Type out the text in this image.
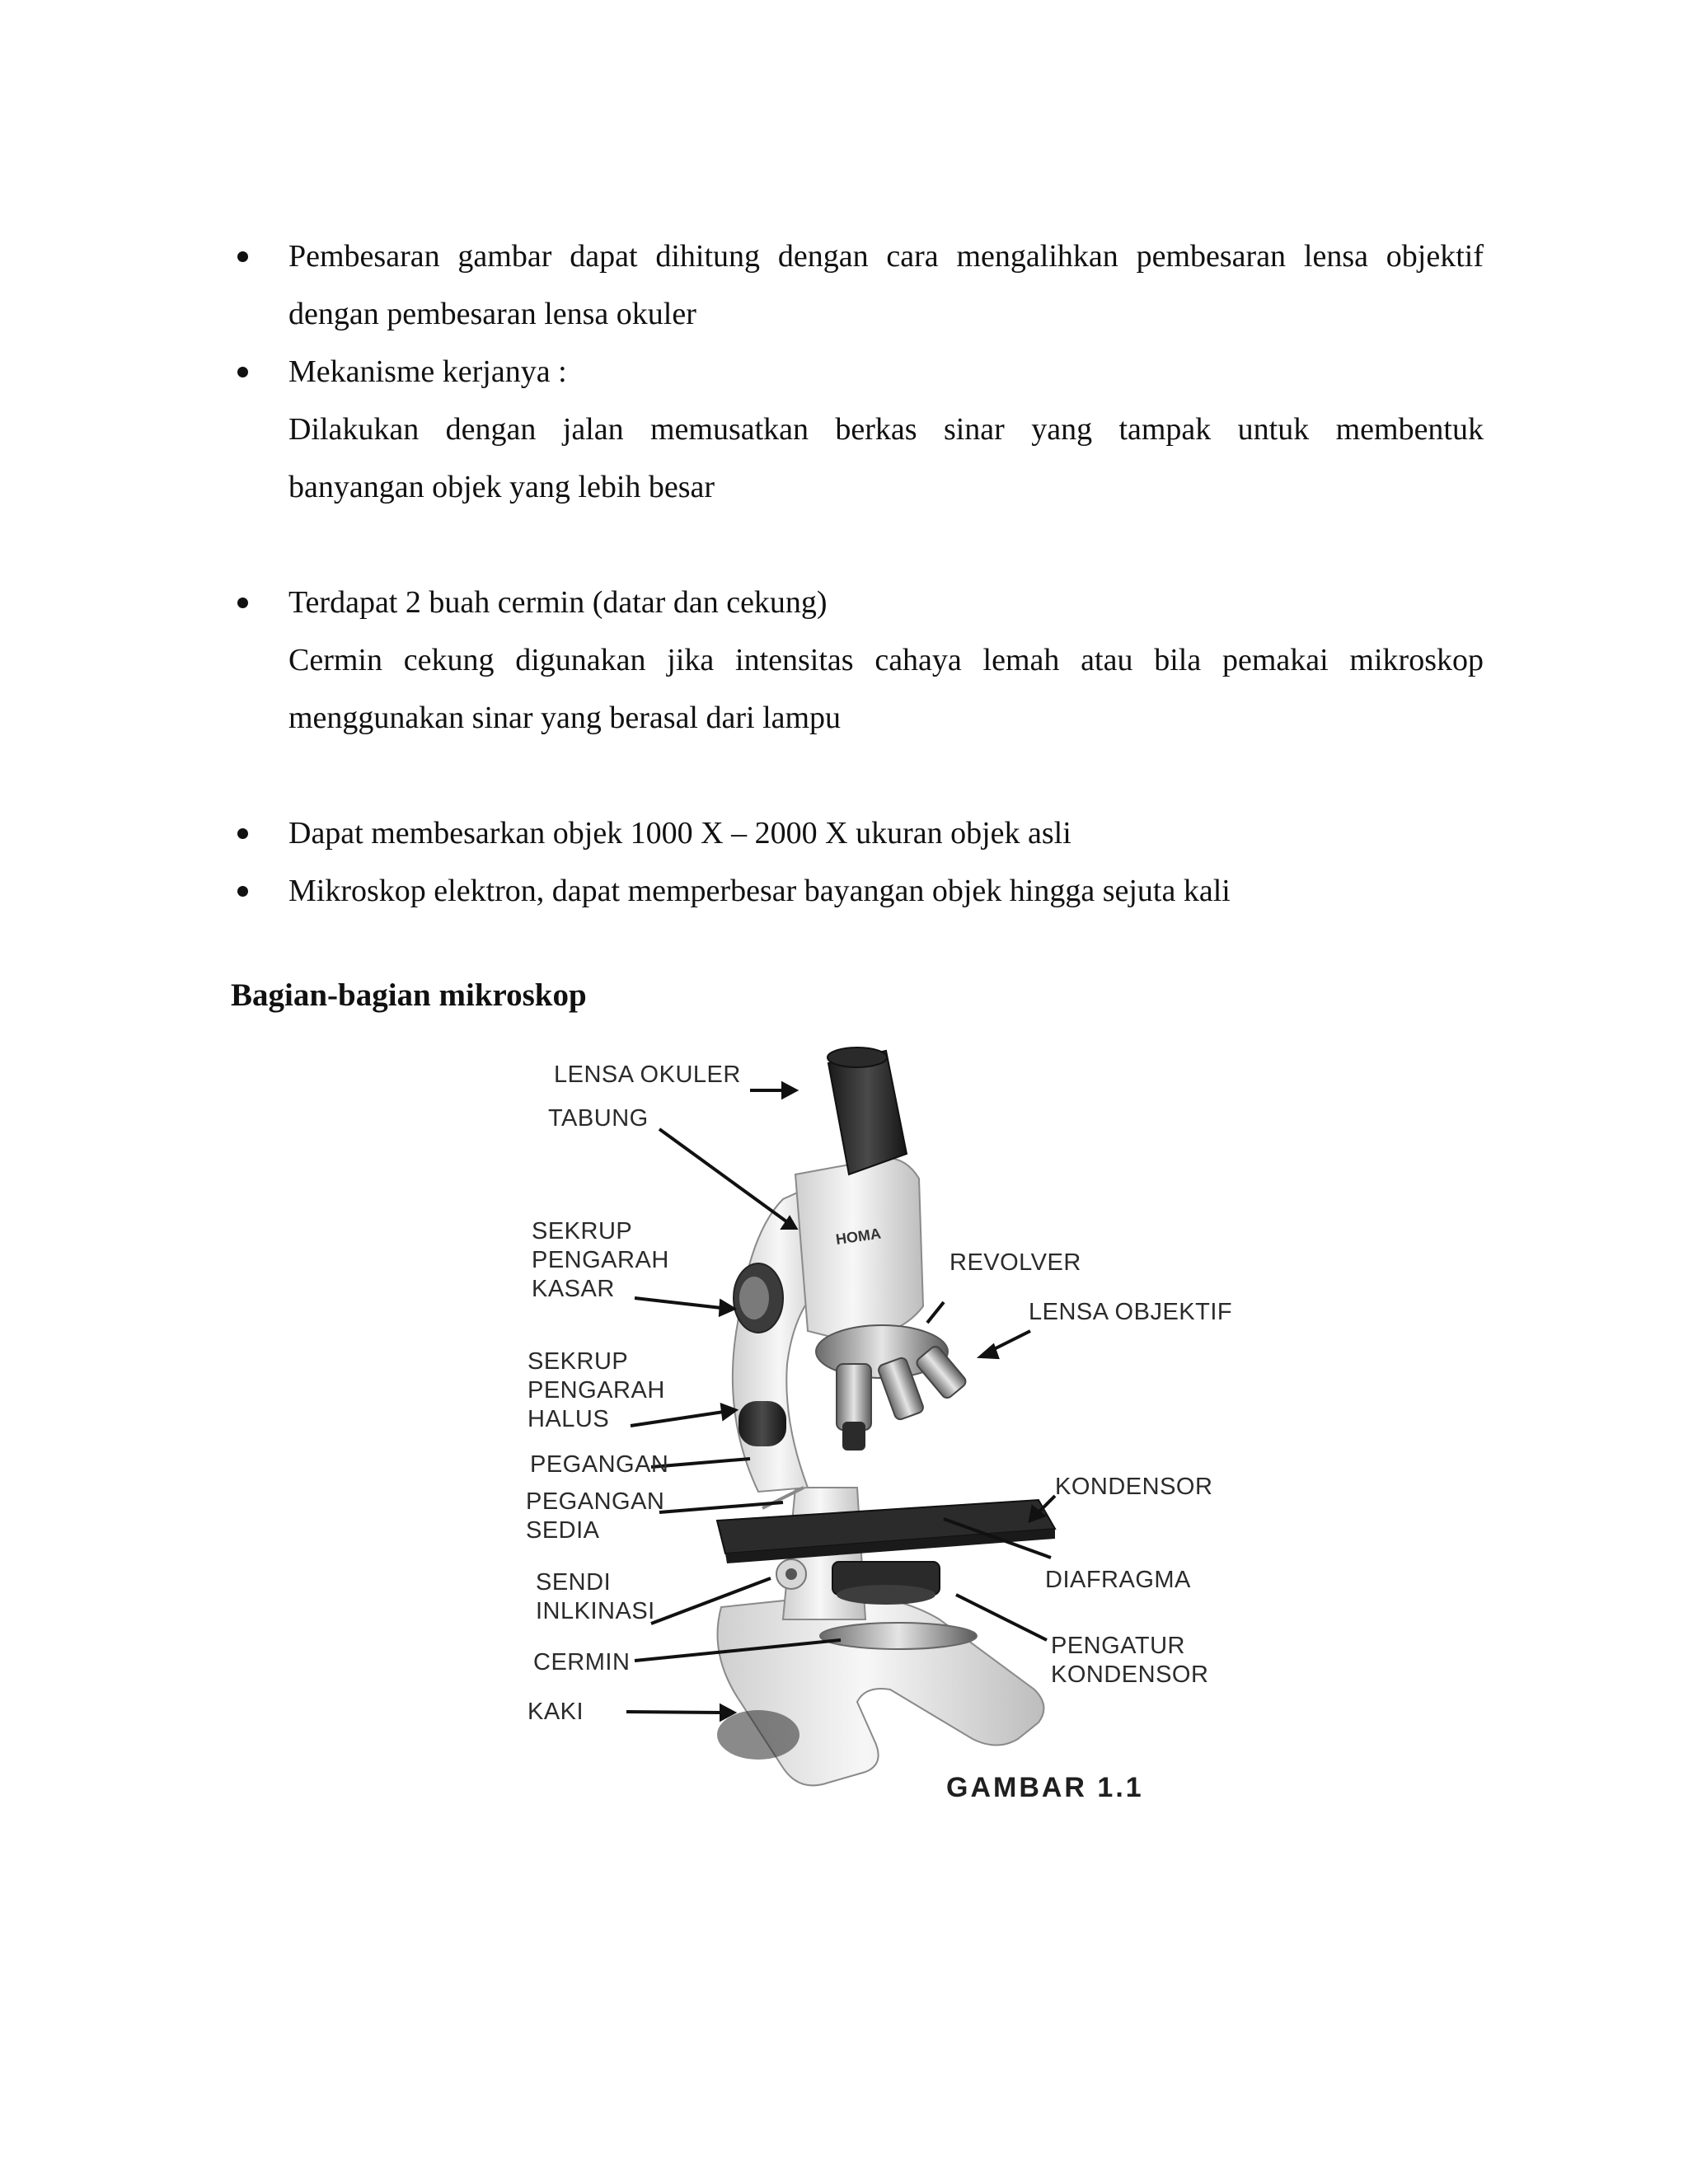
Pembesaran gambar dapat dihitung dengan cara mengalihkan pembesaran lensa objektif
dengan pembesaran lensa okuler
Mekanisme kerjanya :
Dilakukan dengan jalan memusatkan berkas sinar yang tampak untuk membentuk
banyangan objek yang lebih besar
Terdapat 2 buah cermin (datar dan cekung)
Cermin cekung digunakan jika intensitas cahaya lemah atau bila pemakai mikroskop
menggunakan sinar yang berasal dari lampu
Dapat membesarkan objek 1000 X – 2000 X ukuran objek asli
Mikroskop elektron, dapat memperbesar bayangan objek hingga sejuta kali
Bagian-bagian mikroskop
HOMA
LENSA OKULER
TABUNG
SEKRUP
PENGARAH
KASAR
SEKRUP
PENGARAH
HALUS
PEGANGAN
PEGANGAN
SEDIA
SENDI
INLKINASI
CERMIN
KAKI
REVOLVER
LENSA OBJEKTIF
KONDENSOR
DIAFRAGMA
PENGATUR
KONDENSOR
GAMBAR 1.1
